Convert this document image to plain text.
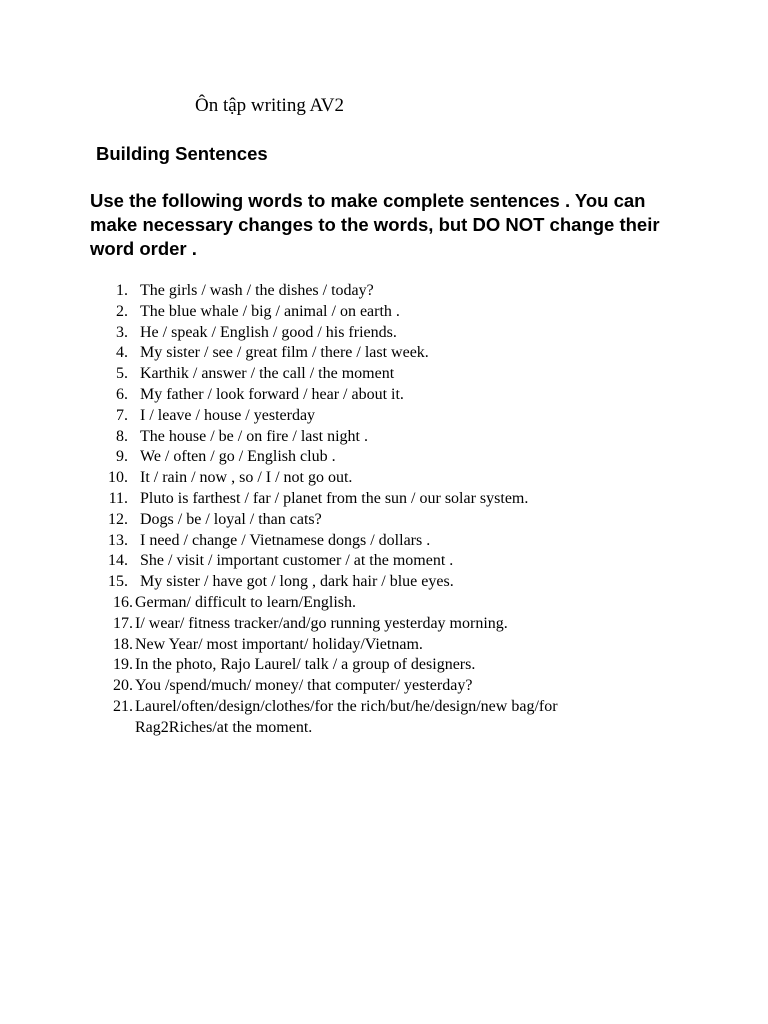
Ôn tập writing AV2
Building Sentences
Use the following words to make complete sentences . You can make necessary changes to the words, but DO NOT change their word order .
1. The girls / wash / the dishes / today?
2. The blue whale / big / animal / on earth .
3. He / speak / English / good / his friends.
4. My sister / see / great film / there / last week.
5. Karthik / answer / the call / the moment
6. My father / look forward / hear / about it.
7. I / leave / house / yesterday
8. The house / be / on fire / last night .
9. We / often / go / English club .
10. It / rain / now , so / I / not go out.
11. Pluto is farthest / far / planet from the sun / our solar system.
12. Dogs / be / loyal / than cats?
13. I need / change / Vietnamese dongs / dollars .
14. She / visit / important customer / at the moment .
15. My sister / have got / long , dark hair / blue eyes.
16. German/ difficult to learn/English.
17. I/ wear/ fitness tracker/and/go running yesterday morning.
18. New Year/ most important/ holiday/Vietnam.
19. In the photo, Rajo Laurel/ talk / a group of designers.
20. You /spend/much/ money/ that computer/ yesterday?
21. Laurel/often/design/clothes/for the rich/but/he/design/new bag/for Rag2Riches/at the moment.
